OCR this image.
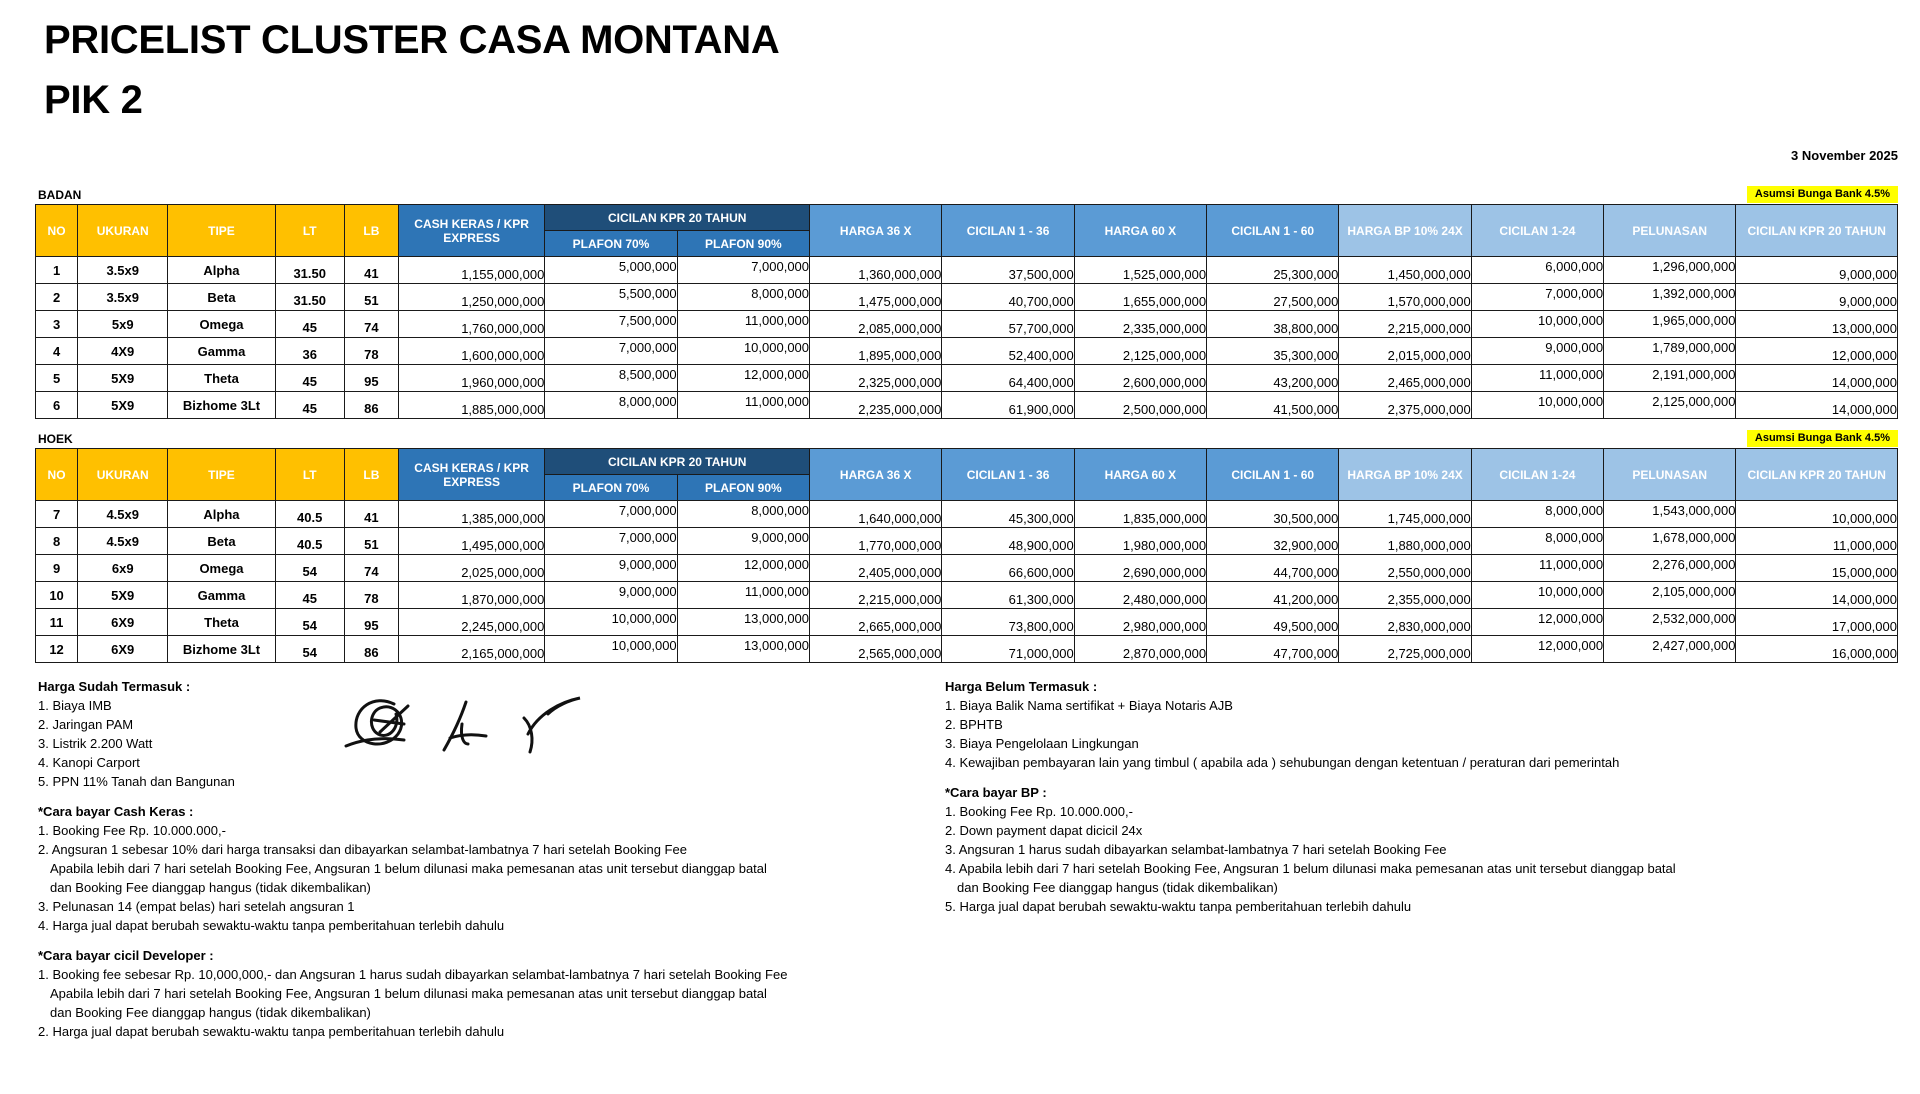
PRICELIST CLUSTER CASA MONTANA
PIK 2
3 November 2025
BADAN	Asumsi Bunga Bank 4.5%
NO	UKURAN	TIPE	LT	LB	CASH KERAS / KPR EXPRESS	CICILAN KPR 20 TAHUN		HARGA 36 X	CICILAN 1 - 36	HARGA 60 X	CICILAN 1 - 60	HARGA BP 10% 24X	CICILAN 1-24	PELUNASAN	CICILAN KPR 20 TAHUN
						PLAFON 70%	PLAFON 90%								
1	3.5x9	Alpha	31.50	41	1,155,000,000	5,000,000	7,000,000	1,360,000,000	37,500,000	1,525,000,000	25,300,000	1,450,000,000	6,000,000	1,296,000,000	9,000,000
2	3.5x9	Beta	31.50	51	1,250,000,000	5,500,000	8,000,000	1,475,000,000	40,700,000	1,655,000,000	27,500,000	1,570,000,000	7,000,000	1,392,000,000	9,000,000
3	5x9	Omega	45	74	1,760,000,000	7,500,000	11,000,000	2,085,000,000	57,700,000	2,335,000,000	38,800,000	2,215,000,000	10,000,000	1,965,000,000	13,000,000
4	4X9	Gamma	36	78	1,600,000,000	7,000,000	10,000,000	1,895,000,000	52,400,000	2,125,000,000	35,300,000	2,015,000,000	9,000,000	1,789,000,000	12,000,000
5	5X9	Theta	45	95	1,960,000,000	8,500,000	12,000,000	2,325,000,000	64,400,000	2,600,000,000	43,200,000	2,465,000,000	11,000,000	2,191,000,000	14,000,000
6	5X9	Bizhome 3Lt	45	86	1,885,000,000	8,000,000	11,000,000	2,235,000,000	61,900,000	2,500,000,000	41,500,000	2,375,000,000	10,000,000	2,125,000,000	14,000,000
HOEK	Asumsi Bunga Bank 4.5%
NO	UKURAN	TIPE	LT	LB	CASH KERAS / KPR EXPRESS	CICILAN KPR 20 TAHUN		HARGA 36 X	CICILAN 1 - 36	HARGA 60 X	CICILAN 1 - 60	HARGA BP 10% 24X	CICILAN 1-24	PELUNASAN	CICILAN KPR 20 TAHUN
						PLAFON 70%	PLAFON 90%								
7	4.5x9	Alpha	40.5	41	1,385,000,000	7,000,000	8,000,000	1,640,000,000	45,300,000	1,835,000,000	30,500,000	1,745,000,000	8,000,000	1,543,000,000	10,000,000
8	4.5x9	Beta	40.5	51	1,495,000,000	7,000,000	9,000,000	1,770,000,000	48,900,000	1,980,000,000	32,900,000	1,880,000,000	8,000,000	1,678,000,000	11,000,000
9	6x9	Omega	54	74	2,025,000,000	9,000,000	12,000,000	2,405,000,000	66,600,000	2,690,000,000	44,700,000	2,550,000,000	11,000,000	2,276,000,000	15,000,000
10	5X9	Gamma	45	78	1,870,000,000	9,000,000	11,000,000	2,215,000,000	61,300,000	2,480,000,000	41,200,000	2,355,000,000	10,000,000	2,105,000,000	14,000,000
11	6X9	Theta	54	95	2,245,000,000	10,000,000	13,000,000	2,665,000,000	73,800,000	2,980,000,000	49,500,000	2,830,000,000	12,000,000	2,532,000,000	17,000,000
12	6X9	Bizhome 3Lt	54	86	2,165,000,000	10,000,000	13,000,000	2,565,000,000	71,000,000	2,870,000,000	47,700,000	2,725,000,000	12,000,000	2,427,000,000	16,000,000
Harga Sudah Termasuk :
1. Biaya IMB
2. Jaringan PAM
3. Listrik 2.200 Watt
4. Kanopi Carport
5. PPN 11% Tanah dan Bangunan
*Cara bayar Cash Keras :
1. Booking Fee Rp. 10.000.000,-
2. Angsuran 1 sebesar 10% dari harga transaksi dan dibayarkan selambat-lambatnya 7 hari setelah Booking Fee
Apabila lebih dari 7 hari setelah Booking Fee, Angsuran 1 belum dilunasi maka pemesanan atas unit tersebut dianggap batal
dan Booking Fee dianggap hangus (tidak dikembalikan)
3. Pelunasan 14 (empat belas) hari setelah angsuran 1
4. Harga jual dapat berubah sewaktu-waktu tanpa pemberitahuan terlebih dahulu
*Cara bayar cicil Developer :
1. Booking fee sebesar Rp. 10,000,000,- dan Angsuran 1 harus sudah dibayarkan selambat-lambatnya 7 hari setelah Booking Fee
Apabila lebih dari 7 hari setelah Booking Fee, Angsuran 1 belum dilunasi maka pemesanan atas unit tersebut dianggap batal
dan Booking Fee dianggap hangus (tidak dikembalikan)
2. Harga jual dapat berubah sewaktu-waktu tanpa pemberitahuan terlebih dahulu
Harga Belum Termasuk :
1. Biaya Balik Nama sertifikat + Biaya Notaris AJB
2. BPHTB
3. Biaya Pengelolaan Lingkungan
4. Kewajiban pembayaran lain yang timbul ( apabila ada ) sehubungan dengan ketentuan / peraturan dari pemerintah
*Cara bayar BP :
1. Booking Fee Rp. 10.000.000,-
2. Down payment dapat dicicil 24x
3. Angsuran 1 harus sudah dibayarkan selambat-lambatnya 7 hari setelah Booking Fee
4. Apabila lebih dari 7 hari setelah Booking Fee, Angsuran 1 belum dilunasi maka pemesanan atas unit tersebut dianggap batal
dan Booking Fee dianggap hangus (tidak dikembalikan)
5. Harga jual dapat berubah sewaktu-waktu tanpa pemberitahuan terlebih dahulu
